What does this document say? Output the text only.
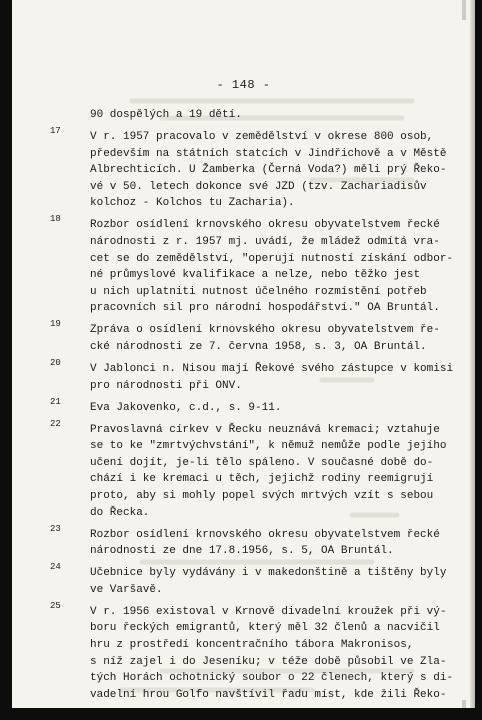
- 148 -
90 dospělých a 19 dětí.
17	V r. 1957 pracovalo v zemědělství v okrese 800 osob,
především na státních statcích v Jindřichově a v Městě
Albrechticích. U Žamberka (Černá Voda?) měli prý Řeko-
vé v 50. letech dokonce své JZD (tzv. Zachariadisův
kolchoz - Kolchos tu Zacharia).
18	Rozbor osídlení krnovského okresu obyvatelstvem řecké
národnosti z r. 1957 mj. uvádí, že mládež odmítá vra-
cet se do zemědělství, "operují nutností získání odbor-
né průmyslové kvalifikace a nelze, nebo těžko jest
u nich uplatniti nutnost účelného rozmístění potřeb
pracovních sil pro národní hospodářství." OA Bruntál.
19	Zpráva o osídlení krnovského okresu obyvatelstvem ře-
cké národnosti ze 7. června 1958, s. 3, OA Bruntál.
20	V Jablonci n. Nisou mají Řekové svého zástupce v komisi
pro národnosti při ONV.
21	Eva Jakovenko, c.d., s. 9-11.
22	Pravoslavná církev v Řecku neuznává kremaci; vztahuje
se to ke "zmrtvýchvstání", k němuž nemůže podle jejího
učení dojít, je-li tělo spáleno. V současné době do-
chází i ke kremaci u těch, jejichž rodiny reemigrují
proto, aby si mohly popel svých mrtvých vzít s sebou
do Řecka.
23	Rozbor osídlení krnovského okresu obyvatelstvem řecké
národnosti ze dne 17.8.1956, s. 5, OA Bruntál.
24	Učebnice byly vydávány i v makedonštině a tištěny byly
ve Varšavě.
25	V r. 1956 existoval v Krnově divadelní kroužek při vý-
boru řeckých emigrantů, který měl 32 členů a nacvičil
hru z prostředí koncentračního tábora Makronisos,
s níž zajel i do Jeseníku; v téže době působil ve Zla-
tých Horách ochotnický soubor o 22 členech, který s di-
vadelní hrou Golfo navštívil řadu míst, kde žili Řeko-
